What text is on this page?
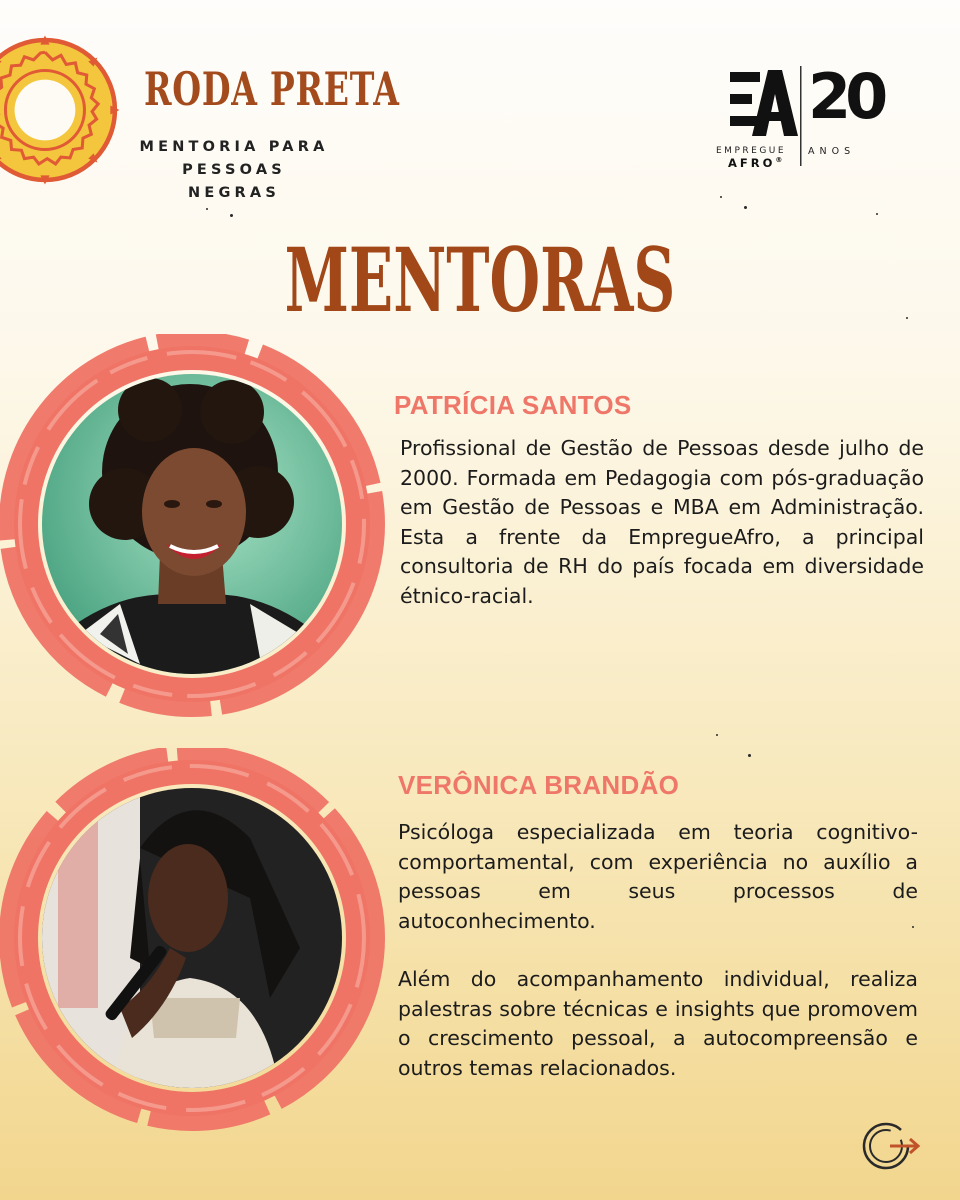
RODA PRETA
MENTORIA PARA
PESSOAS NEGRAS
20
EMPREGUE
AFRO®
ANOS
MENTORAS
PATRÍCIA SANTOS

Profissional de Gestão de Pessoas desde julho de 2000. Formada em Pedagogia com pós-graduação em Gestão de Pessoas e MBA em Administração. Esta a frente da EmpregueAfro, a principal consultoria de RH do país focada em diversidade étnico-racial.

VERÔNICA BRANDÃO

Psicóloga especializada em teoria cognitivo-comportamental, com experiência no auxílio a pessoas em seus processos de autoconhecimento.

Além do acompanhamento individual, realiza palestras sobre técnicas e insights que promovem o crescimento pessoal, a autocompreensão e outros temas relacionados.
